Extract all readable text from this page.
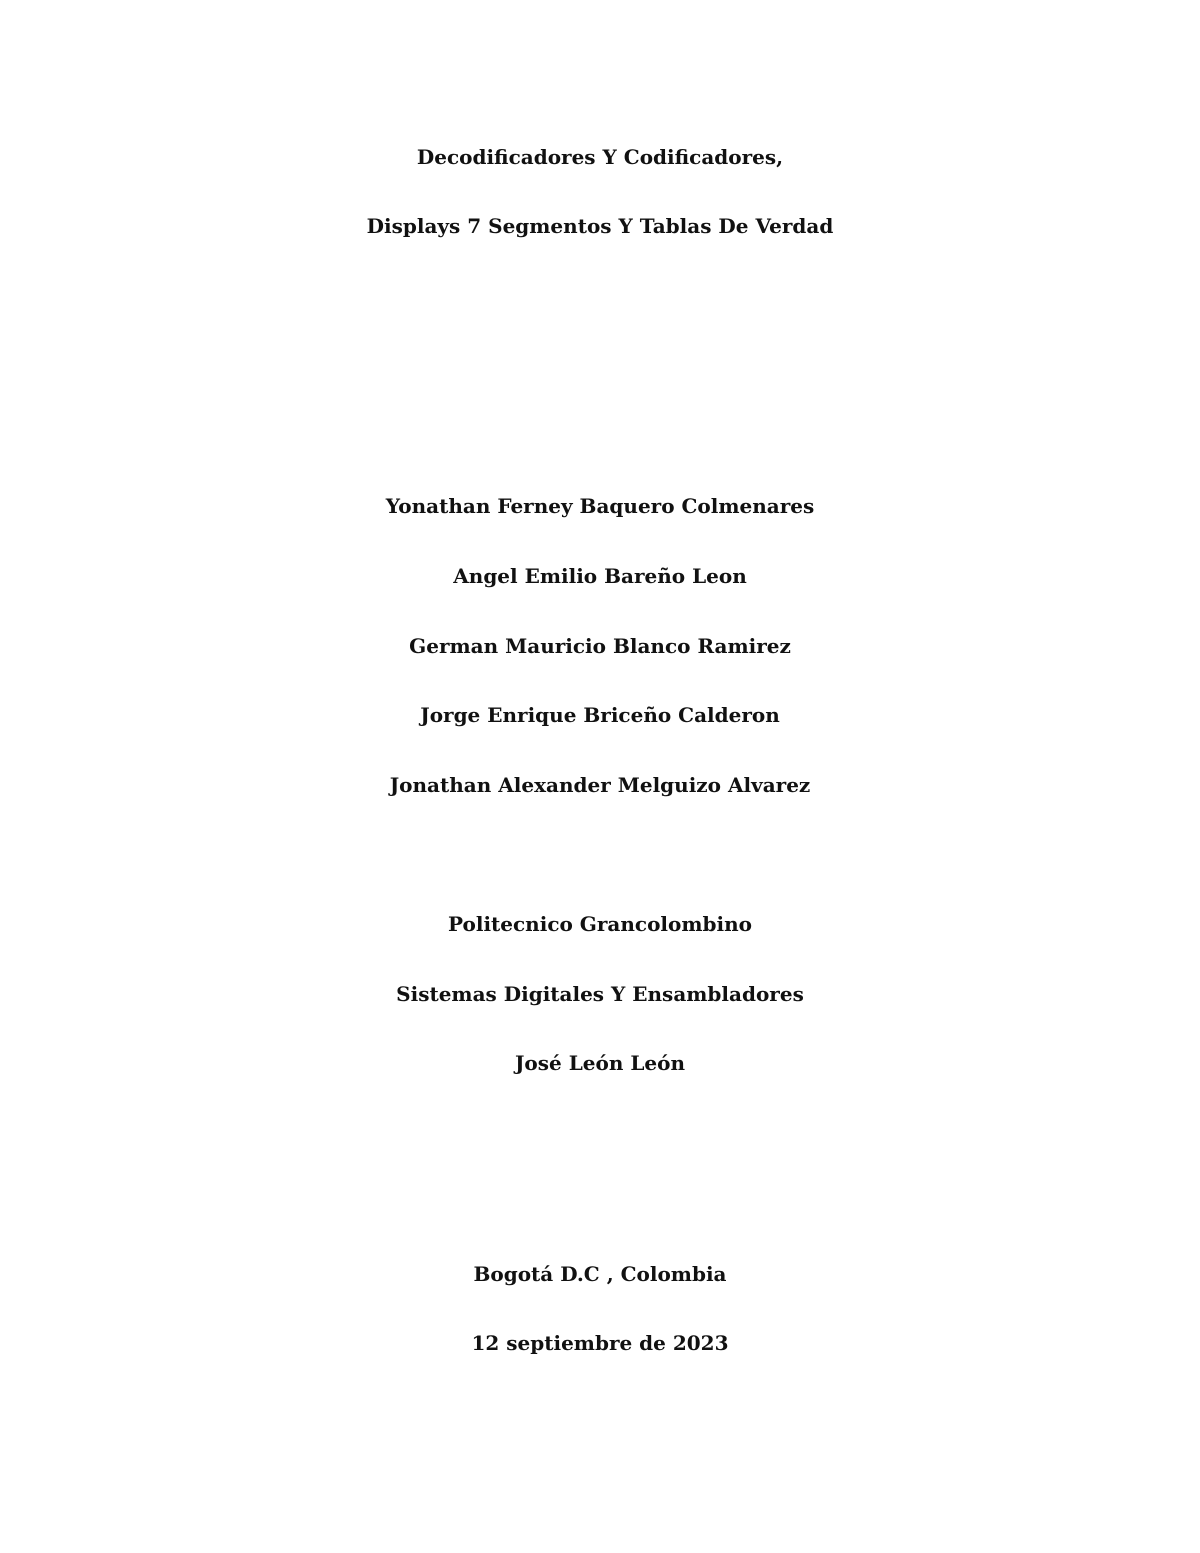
Decodificadores Y Codificadores,
Displays 7 Segmentos Y Tablas De Verdad
Yonathan Ferney Baquero Colmenares
Angel Emilio Bareño Leon
German Mauricio Blanco Ramirez
Jorge Enrique Briceño Calderon
Jonathan Alexander Melguizo Alvarez
Politecnico Grancolombino
Sistemas Digitales Y Ensambladores
José León León
Bogotá D.C , Colombia
12 septiembre de 2023
